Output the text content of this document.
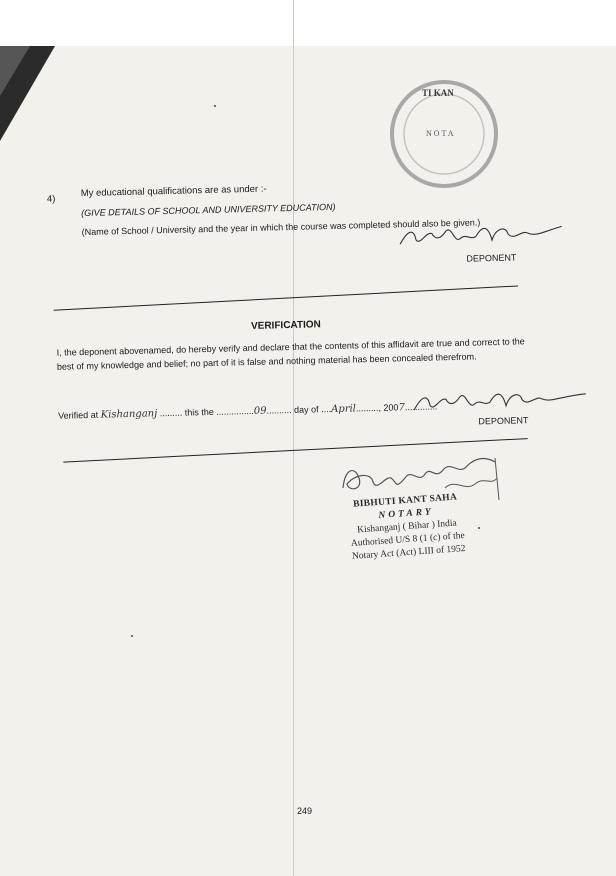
TI KAN
NOTA
4)
My educational qualifications are as under :-
(GIVE DETAILS OF SCHOOL AND UNIVERSITY EDUCATION)
(Name of School / University and the year in which the course was completed should also be given.)
DEPONENT
VERIFICATION
I, the deponent abovenamed, do hereby verify and declare that the contents of this affidavit are true and correct to the best of my knowledge and belief; no part of it is false and nothing material has been concealed therefrom.
Verified at Kishanganj ......... this the ...............09.......... day of ....April........., 2007.............
DEPONENT
BIBHUTI KANT SAHA
NOTARY
Kishanganj ( Bihar ) India
Authorised U/S 8 (1 (c) of the
Notary Act (Act) LIII of 1952
249
